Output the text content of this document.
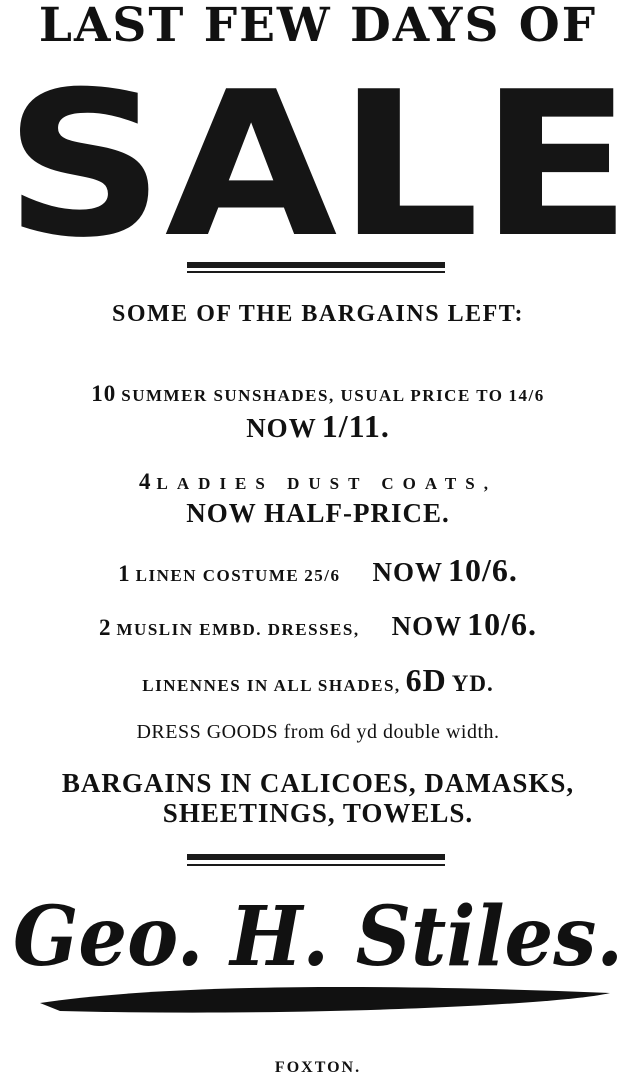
LAST FEW DAYS OF
SALE
SOME OF THE BARGAINS LEFT:
10 SUMMER SUNSHADES, USUAL PRICE TO 14/6
NOW 1/11.
4 LADIES DUST COATS,
NOW HALF-PRICE.
1 LINEN COSTUME 25/6 NOW 10/6.
2 MUSLIN EMBD. DRESSES, NOW 10/6.
LINENNES IN ALL SHADES, 6D YD.
DRESS GOODS from 6d yd double width.
BARGAINS IN CALICOES, DAMASKS,
SHEETINGS, TOWELS.
Geo. H. Stiles.
FOXTON.
